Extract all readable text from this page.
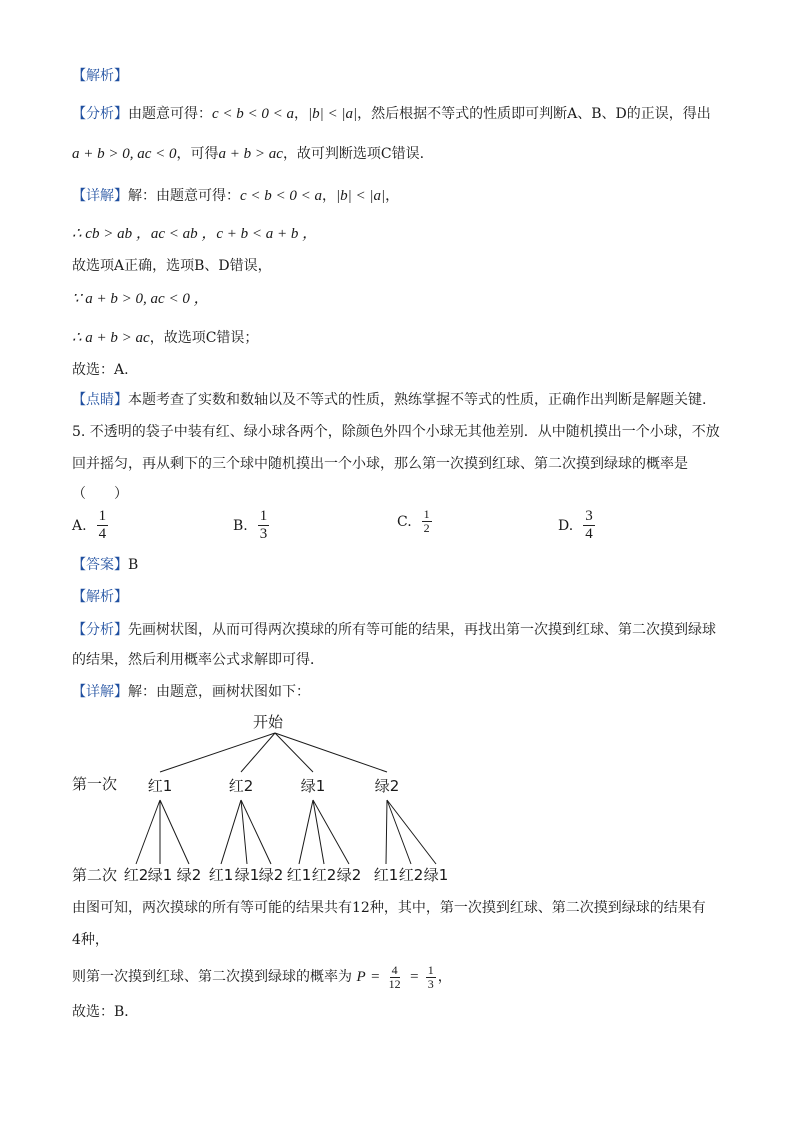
【解析】
【分析】由题意可得：c < b < 0 < a，|b| < |a|，然后根据不等式的性质即可判断A、B、D的正误，得出
a + b > 0, ac < 0，可得a + b > ac，故可判断选项C错误.
【详解】解：由题意可得：c < b < 0 < a，|b| < |a|，
∴ cb > ab ，ac < ab ，c + b < a + b ，
故选项A正确，选项B、D错误，
∵ a + b > 0, ac < 0 ，
∴ a + b > ac，故选项C错误；
故选：A.
【点睛】本题考查了实数和数轴以及不等式的性质，熟练掌握不等式的性质，正确作出判断是解题关键.
5. 不透明的袋子中装有红、绿小球各两个，除颜色外四个小球无其他差别．从中随机摸出一个小球，不放
回并摇匀，再从剩下的三个球中随机摸出一个小球，那么第一次摸到红球、第二次摸到绿球的概率是
（　　）
A. $\frac{1}{4}$	B. $\frac{1}{3}$	C. $\frac{1}{2}$	D. $\frac{3}{4}$
【答案】B
【解析】
【分析】先画树状图，从而可得两次摸球的所有等可能的结果，再找出第一次摸到红球、第二次摸到绿球
的结果，然后利用概率公式求解即可得．
【详解】解：由题意，画树状图如下：
开始
第一次
第二次
红1
红2 绿1 绿2
红2
红1 绿1 绿2
绿1
红1 红2 绿2
绿2
红1 红2 绿1
由图可知，两次摸球的所有等可能的结果共有12种，其中，第一次摸到红球、第二次摸到绿球的结果有
4种，
则第一次摸到红球、第二次摸到绿球的概率为 $P = \frac{4}{12} = \frac{1}{3}$ ，
故选：B．
